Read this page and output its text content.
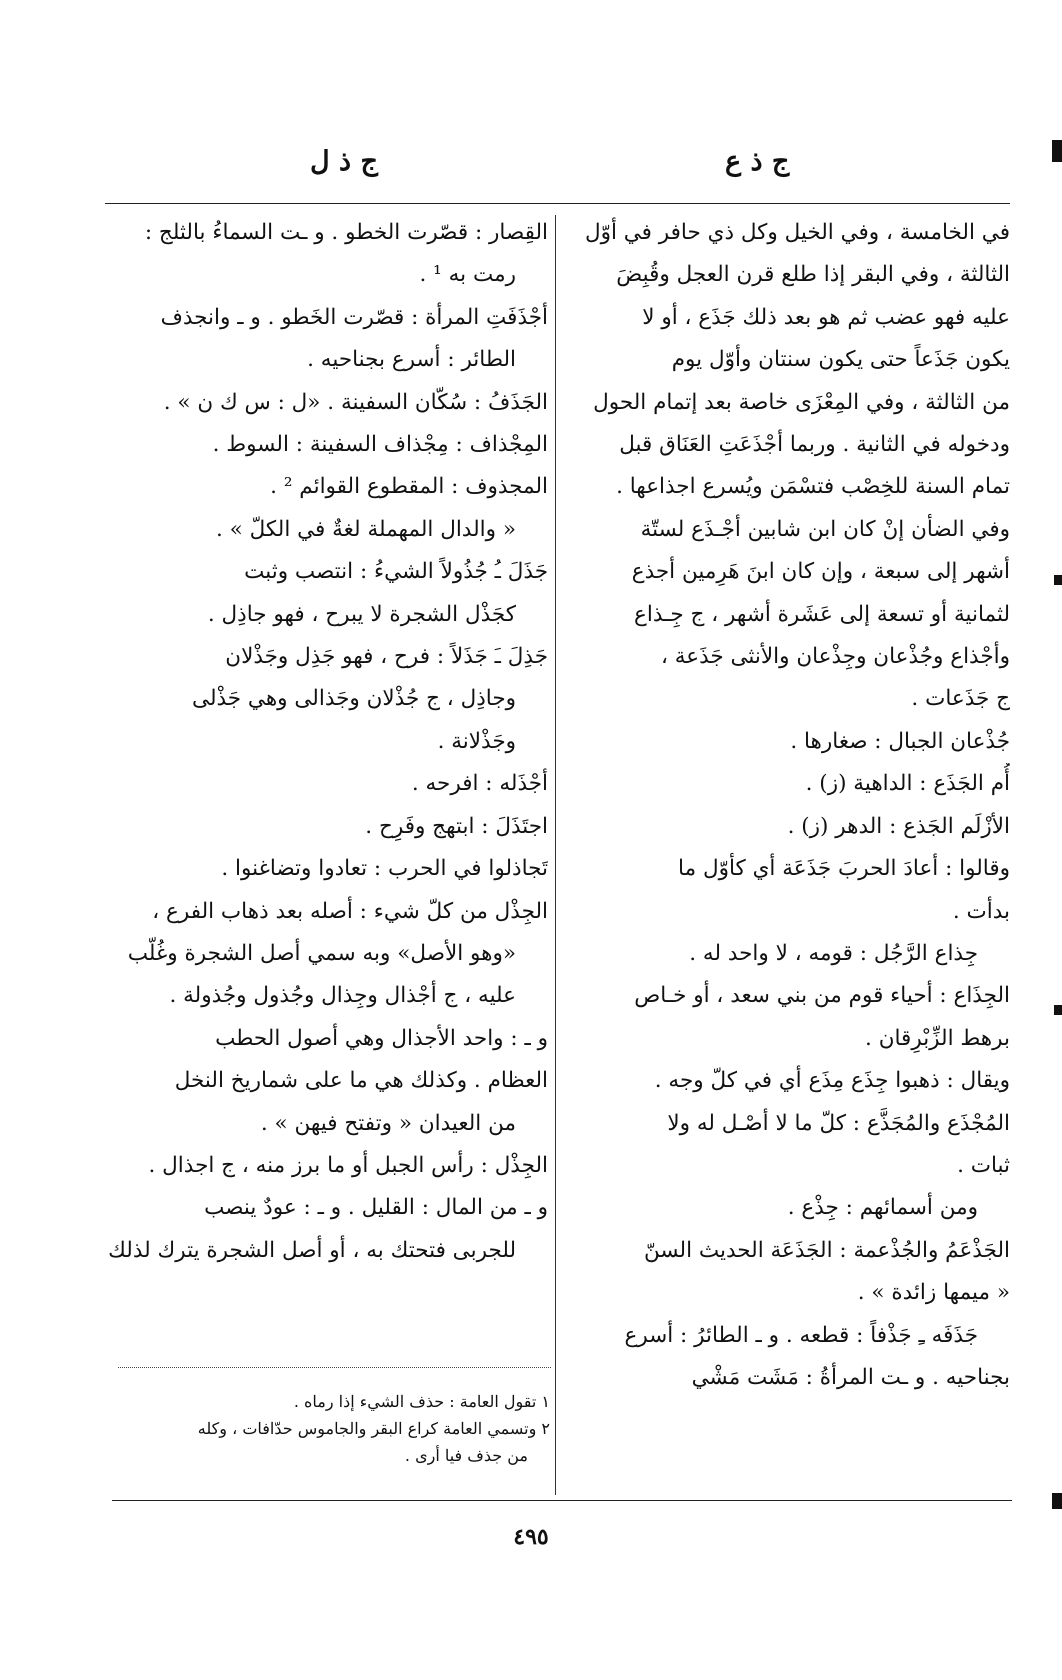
ج ذ ع
ج ذ ل
في الخامسة ، وفي الخيل وكل ذي حافر في أوّل
الثالثة ، وفي البقر إذا طلع قرن العجل وقُبِضَ
عليه فهو عضب ثم هو بعد ذلك جَذَع ، أو لا
يكون جَذَعاً حتى يكون سنتان وأوّل يوم
من الثالثة ، وفي المِعْزَى خاصة بعد إتمام الحول
ودخوله في الثانية . وربما أجْذَعَتِ العَنَاق قبل
تمام السنة للخِصْب فتسْمَن ويُسرع اجذاعها .
وفي الضأن إنْ كان ابن شابين أجْـذَع لستّة
أشهر إلى سبعة ، وإن كان ابنَ هَرِمين أجذع
لثمانية أو تسعة إلى عَشَرة أشهر ، ج جِـذاع
وأجْذاع وجُذْعان وجِذْعان والأنثى جَذَعة ،
ج جَذَعات .
جُذْعان الجبال : صغارها .
أُم الجَذَع : الداهية (ز) .
الأزْلَم الجَذع : الدهر (ز) .
وقالوا : أعادَ الحربَ جَذَعَة أي كأوّل ما
بدأت .
جِذاع الرَّجُل : قومه ، لا واحد له .
الجِذَاع : أحياء قوم من بني سعد ، أو خـاص
برهط الزِّبْرِقان .
ويقال : ذهبوا جِذَع مِذَع أي في كلّ وجه .
المُجْذَع والمُجَذَّع : كلّ ما لا أصْـل له ولا
ثبات .
ومن أسمائهم : جِذْع .
الجَذْعَمُ والجُذْعمة : الجَذَعَة الحديث السنّ
« ميمها زائدة » .
جَذَفَه ـِ جَذْفاً : قطعه . و ـ الطائرُ : أسرع
بجناحيه . و ـت المرأةُ : مَشَت مَشْي
القِصار : قصّرت الخطو . و ـت السماءُ بالثلج :
رمت به ¹ .
أجْذَفَتِ المرأة : قصّرت الخَطو . و ـ وانجذف
الطائر : أسرع بجناحيه .
الجَذَفُ : سُكّان السفينة . «ل : س ك ن » .
المِجْذاف : مِجْذاف السفينة : السوط .
المجذوف : المقطوع القوائم ² .
« والدال المهملة لغةٌ في الكلّ » .
جَذَلَ ـُ جُذُولاً الشيءُ : انتصب وثبت
كجَذْل الشجرة لا يبرح ، فهو جاذِل .
جَذِلَ ـَ جَذَلاً : فرح ، فهو جَذِل وجَذْلان
وجاذِل ، ج جُذْلان وجَذالى وهي جَذْلى
وجَذْلانة .
أجْذَله : افرحه .
اجتَذَلَ : ابتهج وفَرِح .
تَجاذلوا في الحرب : تعادوا وتضاغنوا .
الجِذْل من كلّ شيء : أصله بعد ذهاب الفرع ،
«وهو الأصل» وبه سمي أصل الشجرة وغُلّب
عليه ، ج أجْذال وجِذال وجُذول وجُذولة .
و ـ : واحد الأجذال وهي أصول الحطب
العظام . وكذلك هي ما على شماريخ النخل
من العيدان « وتفتح فيهن » .
الجِذْل : رأس الجبل أو ما برز منه ، ج اجذال .
و ـ من المال : القليل . و ـ : عودٌ ينصب
للجربى فتحتك به ، أو أصل الشجرة يترك لذلك
١ تقول العامة : حذف الشيء إذا رماه .
٢ وتسمي العامة كراع البقر والجاموس حدّافات ، وكله
من جذف فيا أرى .
٤٩٥
